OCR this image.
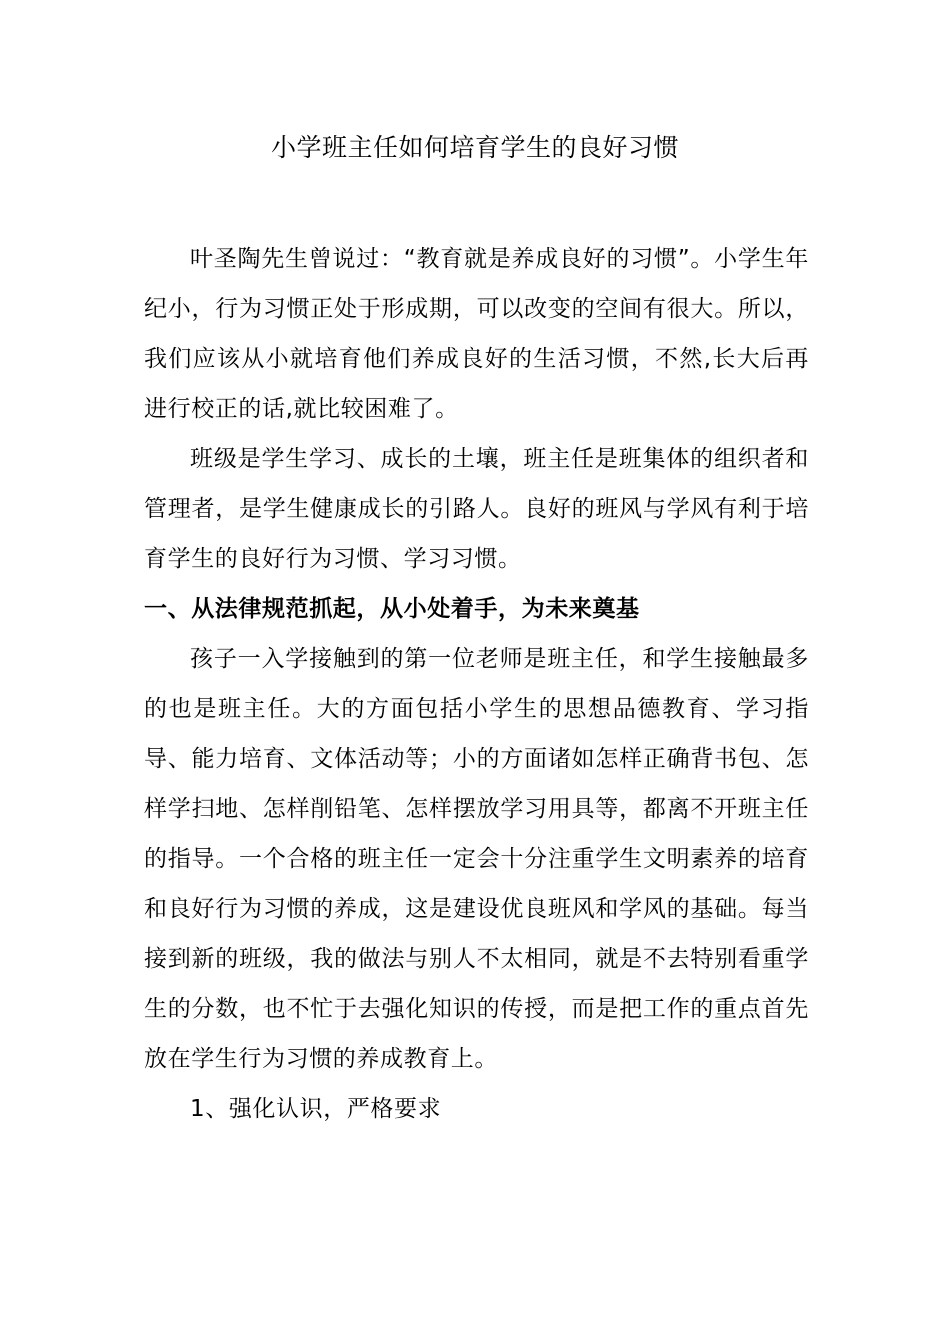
小学班主任如何培育学生的良好习惯

叶圣陶先生曾说过：“教育就是养成良好的习惯”。小学生年纪小，行为习惯正处于形成期，可以改变的空间有很大。所以，我们应该从小就培育他们养成良好的生活习惯，不然,长大后再进行校正的话,就比较困难了。

班级是学生学习、成长的土壤，班主任是班集体的组织者和管理者，是学生健康成长的引路人。良好的班风与学风有利于培育学生的良好行为习惯、学习习惯。

一、从法律规范抓起，从小处着手，为未来奠基

孩子一入学接触到的第一位老师是班主任，和学生接触最多的也是班主任。大的方面包括小学生的思想品德教育、学习指导、能力培育、文体活动等；小的方面诸如怎样正确背书包、怎样学扫地、怎样削铅笔、怎样摆放学习用具等，都离不开班主任的指导。一个合格的班主任一定会十分注重学生文明素养的培育和良好行为习惯的养成，这是建设优良班风和学风的基础。每当接到新的班级，我的做法与别人不太相同，就是不去特别看重学生的分数，也不忙于去强化知识的传授，而是把工作的重点首先放在学生行为习惯的养成教育上。

1、强化认识，严格要求
